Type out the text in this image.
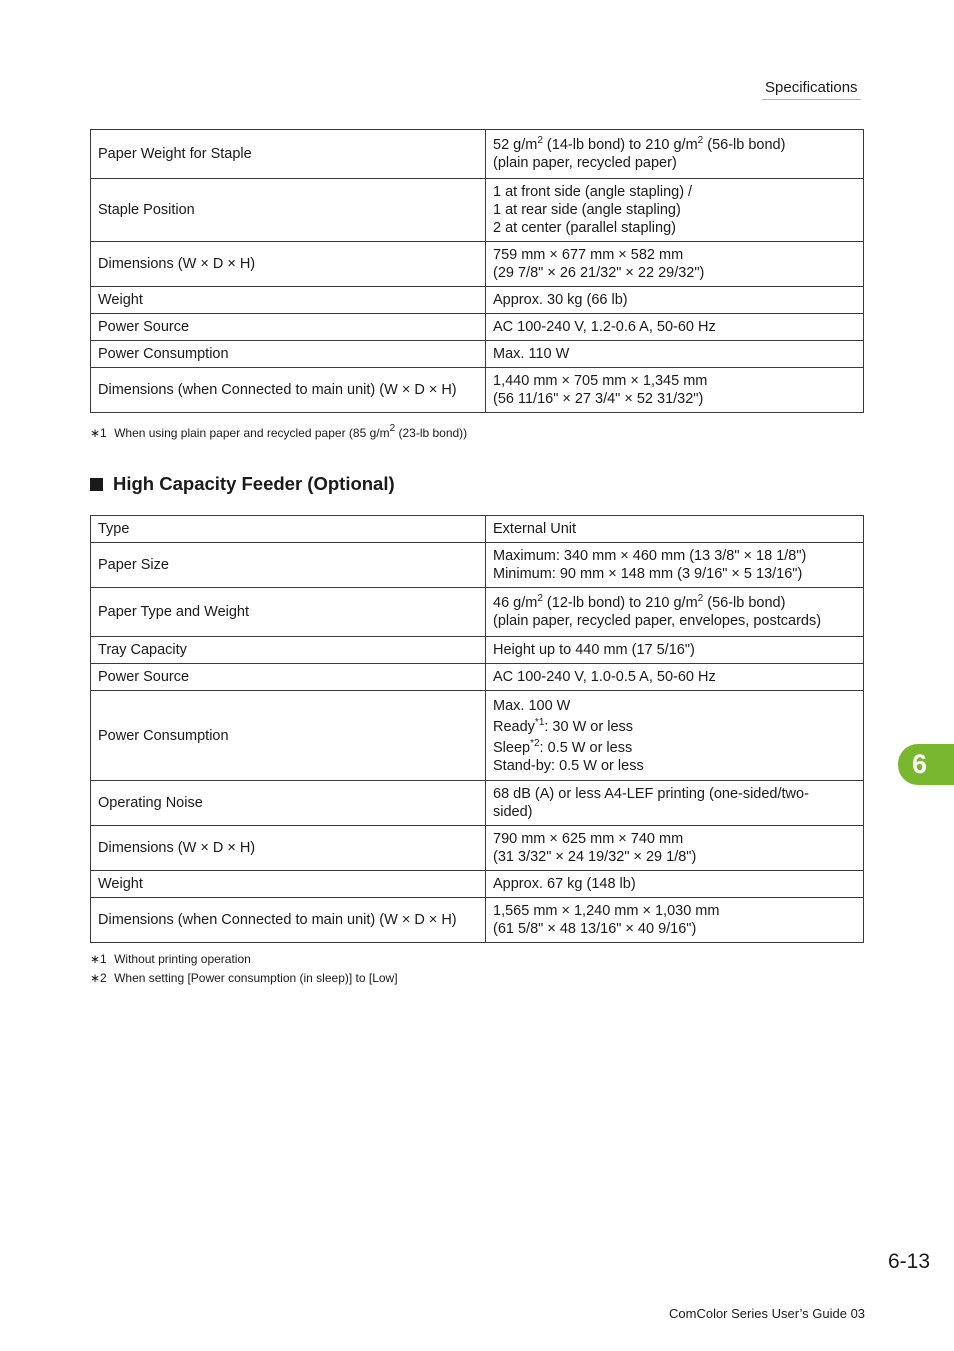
Specifications
Paper Weight for Staple	52 $g/m^2$ (14-lb bond) to 210 $g/m^2$ (56-lb bond)
(plain paper, recycled paper)

Staple Position	1 at front side (angle stapling) /
1 at rear side (angle stapling)
2 at center (parallel stapling)

Dimensions (W × D × H)	759 mm × 677 mm × 582 mm
(29 7/8" × 26 21/32" × 22 29/32")

Weight	Approx. 30 kg (66 lb)

Power Source	AC 100-240 V, 1.2-0.6 A, 50-60 Hz

Power Consumption	Max. 110 W

Dimensions (when Connected to main unit) (W × D × H)	1,440 mm × 705 mm × 1,345 mm
(56 11/16" × 27 3/4" × 52 31/32")
∗1 When using plain paper and recycled paper (85 $g/m^2$ (23-lb bond))
High Capacity Feeder (Optional)
Type	External Unit

Paper Size	Maximum: 340 mm × 460 mm (13 3/8" × 18 1/8")
Minimum: 90 mm × 148 mm (3 9/16" × 5 13/16")

Paper Type and Weight	46 $g/m^2$ (12-lb bond) to 210 $g/m^2$ (56-lb bond)
(plain paper, recycled paper, envelopes, postcards)

Tray Capacity	Height up to 440 mm (17 5/16")

Power Source	AC 100-240 V, 1.0-0.5 A, 50-60 Hz

Power Consumption	Max. 100 W
Ready$^{*1}$: 30 W or less
Sleep$^{*2}$: 0.5 W or less
Stand-by: 0.5 W or less

Operating Noise	68 dB (A) or less A4-LEF printing (one-sided/two-
sided)

Dimensions (W × D × H)	790 mm × 625 mm × 740 mm
(31 3/32" × 24 19/32" × 29 1/8")

Weight	Approx. 67 kg (148 lb)

Dimensions (when Connected to main unit) (W × D × H)	1,565 mm × 1,240 mm × 1,030 mm
(61 5/8" × 48 13/16" × 40 9/16")
∗1 Without printing operation
∗2 When setting [Power consumption (in sleep)] to [Low]
6
6-13
ComColor Series User’s Guide 03
